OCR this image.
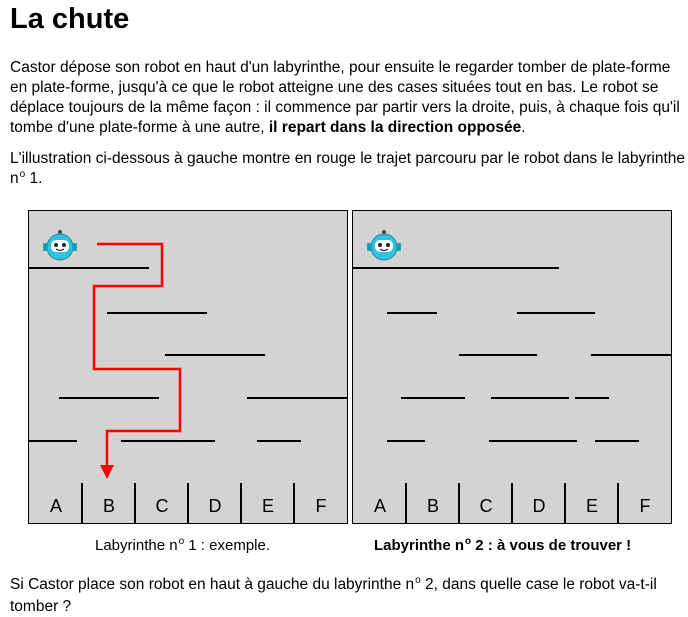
La chute

Castor dépose son robot en haut d'un labyrinthe, pour ensuite le regarder tomber de plate-forme en plate-forme, jusqu'à ce que le robot atteigne une des cases situées tout en bas. Le robot se déplace toujours de la même façon : il commence par partir vers la droite, puis, à chaque fois qu'il tombe d'une plate-forme à une autre, il repart dans la direction opposée.

L'illustration ci-dessous à gauche montre en rouge le trajet parcouru par le robot dans le labyrinthe $n^o$ 1.

A B C D E F	A B C D E F
Labyrinthe $n^o$ 1 : exemple.	Labyrinthe $n^o$ 2 : à vous de trouver !

Si Castor place son robot en haut à gauche du labyrinthe $n^o$ 2, dans quelle case le robot va-t-il tomber ?
